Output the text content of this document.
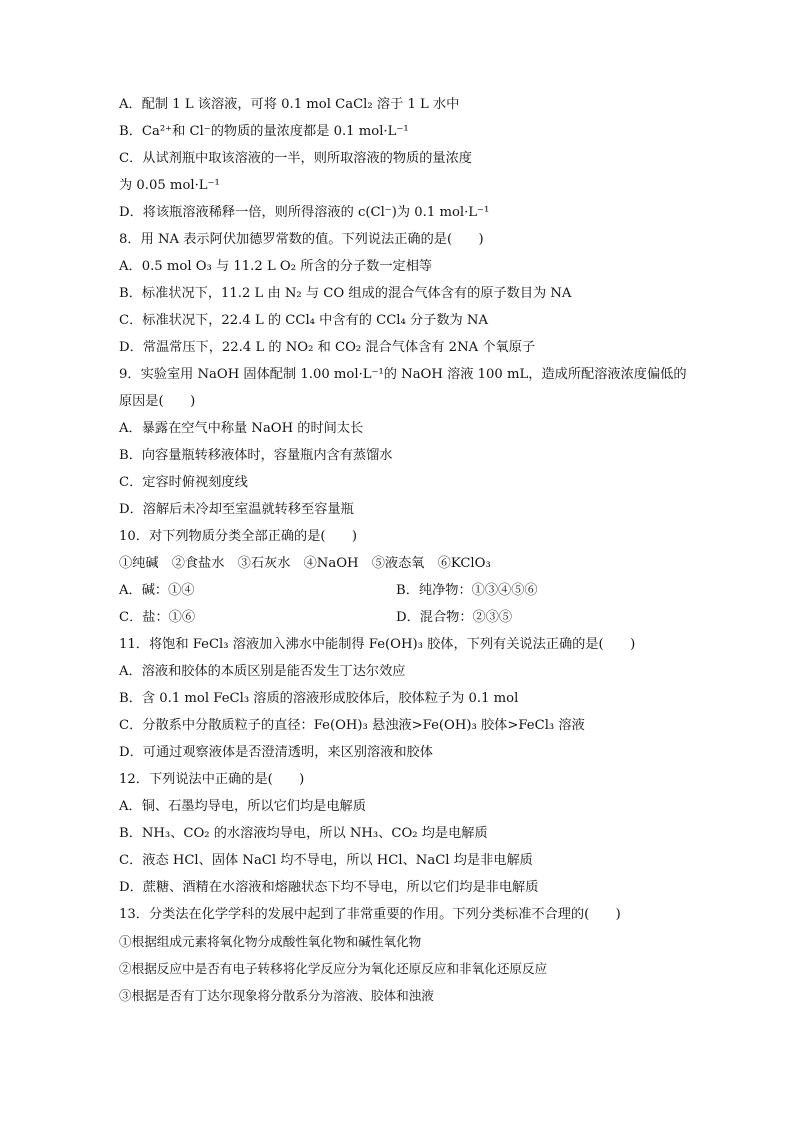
A．配制 1 L 该溶液，可将 0.1 mol CaCl₂ 溶于 1 L 水中
B．Ca²⁺和 Cl⁻的物质的量浓度都是 0.1 mol·L⁻¹
C．从试剂瓶中取该溶液的一半，则所取溶液的物质的量浓度
为 0.05 mol·L⁻¹
D．将该瓶溶液稀释一倍，则所得溶液的 c(Cl⁻)为 0.1 mol·L⁻¹
8．用 NA 表示阿伏加德罗常数的值。下列说法正确的是(　　)
A．0.5 mol O₃ 与 11.2 L O₂ 所含的分子数一定相等
B．标准状况下，11.2 L 由 N₂ 与 CO 组成的混合气体含有的原子数目为 NA
C．标准状况下，22.4 L 的 CCl₄ 中含有的 CCl₄ 分子数为 NA
D．常温常压下，22.4 L 的 NO₂ 和 CO₂ 混合气体含有 2NA 个氧原子
9．实验室用 NaOH 固体配制 1.00 mol·L⁻¹的 NaOH 溶液 100 mL，造成所配溶液浓度偏低的
原因是(　　)
A．暴露在空气中称量 NaOH 的时间太长
B．向容量瓶转移液体时，容量瓶内含有蒸馏水
C．定容时俯视刻度线
D．溶解后未冷却至室温就转移至容量瓶
10．对下列物质分类全部正确的是(　　)
①纯碱　②食盐水　③石灰水　④NaOH　⑤液态氧　⑥KClO₃
A．碱：①④	B．纯净物：①③④⑤⑥
C．盐：①⑥	D．混合物：②③⑤
11．将饱和 FeCl₃ 溶液加入沸水中能制得 Fe(OH)₃ 胶体，下列有关说法正确的是(　　)
A．溶液和胶体的本质区别是能否发生丁达尔效应
B．含 0.1 mol FeCl₃ 溶质的溶液形成胶体后，胶体粒子为 0.1 mol
C．分散系中分散质粒子的直径：Fe(OH)₃ 悬浊液>Fe(OH)₃ 胶体>FeCl₃ 溶液
D．可通过观察液体是否澄清透明，来区别溶液和胶体
12．下列说法中正确的是(　　)
A．铜、石墨均导电，所以它们均是电解质
B．NH₃、CO₂ 的水溶液均导电，所以 NH₃、CO₂ 均是电解质
C．液态 HCl、固体 NaCl 均不导电，所以 HCl、NaCl 均是非电解质
D．蔗糖、酒精在水溶液和熔融状态下均不导电，所以它们均是非电解质
13．分类法在化学学科的发展中起到了非常重要的作用。下列分类标准不合理的(　　)
①根据组成元素将氧化物分成酸性氧化物和碱性氧化物
②根据反应中是否有电子转移将化学反应分为氧化还原反应和非氧化还原反应
③根据是否有丁达尔现象将分散系分为溶液、胶体和浊液
